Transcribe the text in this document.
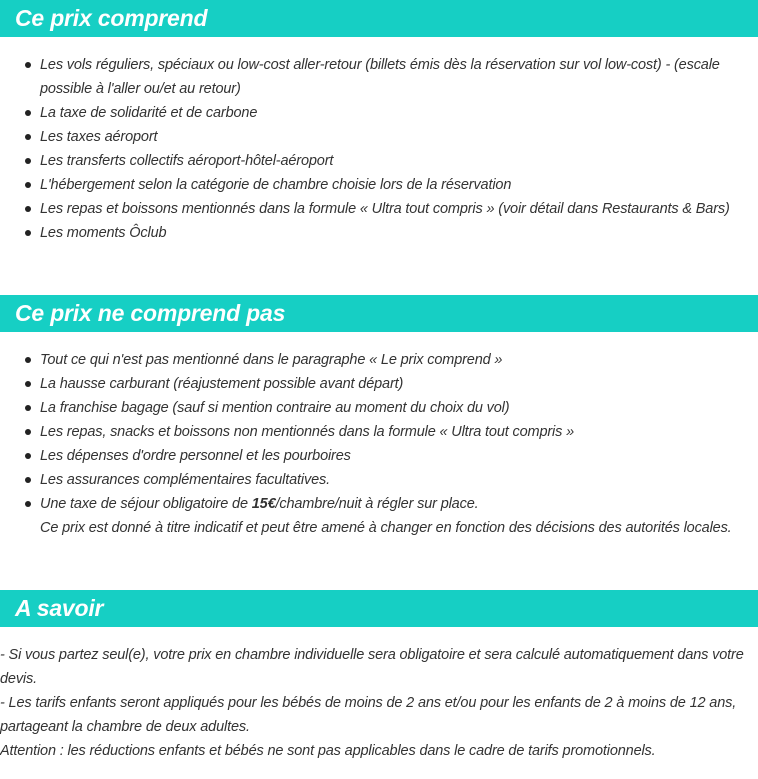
Ce prix comprend
Les vols réguliers, spéciaux ou low-cost aller-retour (billets émis dès la réservation sur vol low-cost) - (escale possible à l'aller ou/et au retour)
La taxe de solidarité et de carbone
Les taxes aéroport
Les transferts collectifs aéroport-hôtel-aéroport
L'hébergement selon la catégorie de chambre choisie lors de la réservation
Les repas et boissons mentionnés dans la formule « Ultra tout compris » (voir détail dans Restaurants & Bars)
Les moments Ôclub
Ce prix ne comprend pas
Tout ce qui n'est pas mentionné dans le paragraphe « Le prix comprend »
La hausse carburant (réajustement possible avant départ)
La franchise bagage (sauf si mention contraire au moment du choix du vol)
Les repas, snacks et boissons non mentionnés dans la formule « Ultra tout compris »
Les dépenses d'ordre personnel et les pourboires
Les assurances complémentaires facultatives.
Une taxe de séjour obligatoire de 15€/chambre/nuit à régler sur place.
Ce prix est donné à titre indicatif et peut être amené à changer en fonction des décisions des autorités locales.
A savoir

- Si vous partez seul(e), votre prix en chambre individuelle sera obligatoire et sera calculé automatiquement dans votre devis.

- Les tarifs enfants seront appliqués pour les bébés de moins de 2 ans et/ou pour les enfants de 2 à moins de 12 ans, partageant la chambre de deux adultes.

Attention : les réductions enfants et bébés ne sont pas applicables dans le cadre de tarifs promotionnels.
